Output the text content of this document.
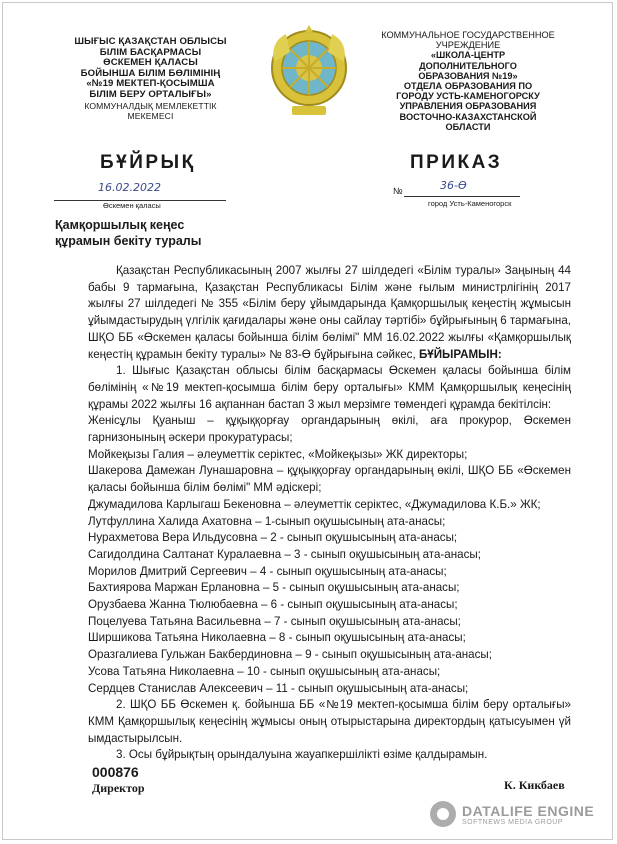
ШЫҒЫС ҚАЗАҚСТАН ОБЛЫСЫ
БІЛІМ БАСҚАРМАСЫ
ӨСКЕМЕН ҚАЛАСЫ
БОЙЫНША БІЛІМ БӨЛІМІНІҢ
«№19 МЕКТЕП-ҚОСЫМША
БІЛІМ БЕРУ ОРТАЛЫҒЫ»
КОММУНАЛДЫҚ МЕМЛЕКЕТТІК
МЕКЕМЕСІ
КОММУНАЛЬНОЕ ГОСУДАРСТВЕННОЕ
УЧРЕЖДЕНИЕ
«ШКОЛА-ЦЕНТР
ДОПОЛНИТЕЛЬНОГО
ОБРАЗОВАНИЯ №19»
ОТДЕЛА ОБРАЗОВАНИЯ ПО
ГОРОДУ УСТЬ-КАМЕНОГОРСКУ
УПРАВЛЕНИЯ ОБРАЗОВАНИЯ
ВОСТОЧНО-КАЗАХСТАНСКОЙ
ОБЛАСТИ
БҰЙРЫҚ	ПРИКАЗ
16.02.2022
Өскемен қаласы
№	36-Ө
город Усть-Каменогорск
Қамқоршылық кеңес
құрамын бекіту туралы

Қазақстан Республикасының 2007 жылғы 27 шілдедегі «Білім туралы» Заңының 44 бабы 9 тармағына, Қазақстан Республикасы Білім және ғылым министрлігінің 2017 жылғы 27 шілдедегі № 355 «Білім беру ұйымдарында Қамқоршылық кеңестің жұмысын ұйымдастырудың үлгілік қағидалары және оны сайлау тәртібі» бұйрығының 6 тармағына, ШҚО ББ «Өскемен қаласы бойынша білім бөлімі" ММ 16.02.2022 жылғы «Қамқоршылық кеңестің құрамын бекіту туралы» № 83-Ө бұйрығына сәйкес, БҰЙЫРАМЫН:

1. Шығыс Қазақстан облысы білім басқармасы Өскемен қаласы бойынша білім бөлімінің «№19 мектеп-қосымша білім беру орталығы» КММ Қамқоршылық кеңесінің құрамы 2022 жылғы 16 ақпаннан бастап 3 жыл мерзімге төмендегі құрамда бекітілсін:

Женісұлы Қуаныш – құқыққорғау органдарының өкілі, аға прокурор, Өскемен гарнизонының әскери прокуратурасы;

Мойкеқызы Галия – әлеуметтік серіктес, «Мойкеқызы» ЖК директоры;

Шакерова Дамежан Лунашаровна – құқыққорғау органдарының өкілі, ШҚО ББ «Өскемен қаласы бойынша білім бөлімі" ММ әдіскері;

Джумадилова Карлыгаш Бекеновна – әлеуметтік серіктес, «Джумадилова К.Б.» ЖК;

Лутфуллина Халида Ахатовна – 1-сынып оқушысының ата-анасы;

Нурахметова Вера Ильдусовна – 2 - сынып оқушысының ата-анасы;

Сагидолдина Салтанат Куралаевна – 3 - сынып оқушысының ата-анасы;

Морилов Дмитрий Сергеевич – 4 - сынып оқушысының ата-анасы;

Бахтиярова Маржан Ерлановна – 5 - сынып оқушысының ата-анасы;

Орузбаева Жанна Тюлюбаевна – 6 - сынып оқушысының ата-анасы;

Поцелуева Татьяна Васильевна – 7 - сынып оқушысының ата-анасы;

Ширшикова Татьяна Николаевна – 8 - сынып оқушысының ата-анасы;

Оразгалиева Гульжан Бакбердиновна – 9 - сынып оқушысының ата-анасы;

Усова Татьяна Николаевна – 10 - сынып оқушысының ата-анасы;

Сердцев Станислав Алексеевич – 11 - сынып оқушысының ата-анасы;

2. ШҚО ББ Өскемен қ. бойынша ББ «№19 мектеп-қосымша білім беру орталығы» КММ Қамқоршылық кеңесінің жұмысы оның отырыстарына директордың қатысуымен үй ымдастырылсын.

3. Осы бұйрықтың орындалуына жауапкершілікті өзіме қалдырамын.

000876
Директор	К. Кикбаев
DATALIFE ENGINE
SOFTNEWS MEDIA GROUP
